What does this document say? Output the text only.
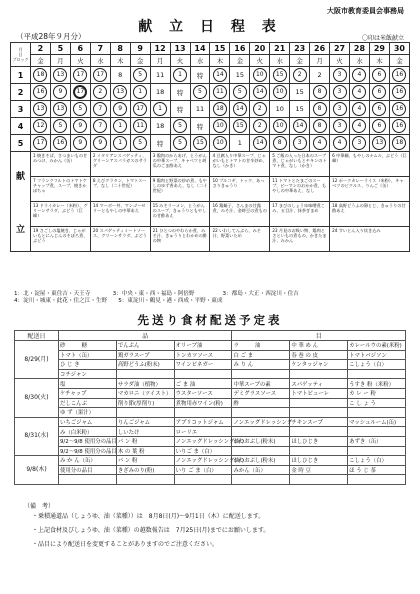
大阪市教育委員会事務局
献 立 日 程 表
（平成28年９月分）	〇印は米飯献立
月
日
ブロック	2	5	6	7	8	9	12	13	14	15	16	20	21	23	26	27	28	29	30
	金	月	火	水	木	金	月	火	水	木	金	火	水	金	月	火	水	木	金
1	18	13	17	17	8	5	11	1	特	14	15	10	15	2	2	3	4	6	16
2	16	9	17	2	13	1	18	特	5	11	5	14	10	15	8	3	4	6	16
3	13	13	5	7	9	17	1	特	11	18	14	2	10	15	8	3	4	6	16
4	12	5	9	7	1	11	18	5	特	10	15	2	10	14	8	3	4	6	16
5	17	16	9	9	1	5	特	5	15	10	1	14	8	3	4	4	3	13	18

献
立	1 焼きそば、さつまいもの甘みつけ、みかん（缶）			2 イタリアンスパゲッティ、グリーンアスパラガスのサラダ			3 鶏肉のからあげ、とうがんの中華スープ、キャベツと胡瓜のごま酢あえ			4 豆腐入り中華スープ、じゃがいもとトマトの甘辛炒め、なし（かき）			5 ご飯の入った日本のスープ煮、じゃがいもとチキンのトマト煮、なし（かき）			6 中華麺、もやしのナムル、ぶどう（巨峰）			
	7 フランクフルトのトマトケチャップ煮、スープ、焼きかぼちゃ			8 えびグラタン、トマトスープ、なし（二十世紀）			9 鶏肉と野菜の炒め煮、もやしのゆず香あえ、なし（二十世紀）			10 プルコギ、トック、あっさりきゅうり			11 トマトとたまごのスープ、ピーマンのおかか煮、もやしの中華あえ、なし			12 ポークカレーライス（米粉）、キャベツのピクルス、りんご（缶）			
	13 ドライカレー（米粉）、グリーンサラダ、ぶどう（巨峰）			14 マーボー丼、マンゴーゼリーともやしの中華あえ			15 みそラーメン、とうがんのスープ、きゅうりともやしの甘酢あえ			16 鶏麺子、さんまの甘露煮、みそ汁、金時豆の煮もの			17 まびのしょうゆ味噌煮こみ、五目汁、抹茶ぎまめ			18 高野どうふの卵とじ、きゅうりの甘酢あえ			
	19 さごしの塩焼き、じゃがいもとにんじんのそぼろ煮、ぶどう			20 スパゲッティミートソース、グリーンサラダ、ぶどう			21 ひとつのやわらか煮、みそ汁、きゅうりとわかめの酢の物			22 いわしてんぷら、みそ汁、野菜いため			23 月見のお吸い物、鶏肉とさといもの煮もの、かきたま汁、みかん			24 すいとん入り炊き込み			
1：北・淀屋・東住吉・天王寺　　　　3：中央・東・西・福島・阿倍野　　　　　3：都島・大正・西淀川・住吉
4：淀川・城東・此花・住之江・生野　　5：東淀川・鶴見・港・西成・平野・東成
先送り食材配送予定表
配送日	品			目		
8/29(月)	砂　　　糖	でんぷん	オリーブ油	ラ　　　油	中 華 め ん	カレールウの素(米粉)
	トマト（缶）	鶏ガラスープ	トンカツソース	白 ご ま	春 巻 の 皮	トマトバジソン
	ひ じ き	高野どうふ(粉末)	ワインビネガー	み り ん	ケンタッジャン	こしょう（白）
	コチジャン					
8/30(火)	塩	サラダ油（植物）	ご ま 油	中華スープの素	スパゲッティ	うすき 粉（米粉）
	ケチャップ	マカロニ（ツイスト）	ウスターソース	デミグラスソース	トマトピューレ	カ レ ー 粉
	だしこんぶ	削り節(厚削り)	煮物用赤ワイン(粉)	酢		こ し ょ う
	ゆ ず（果汁）					
8/31(水)	いちごジャム	りんごジャム	アプリコットジャム	ノンエッグドレッシング	チキンスープ	マッシュルーム(缶)
	み（白米粉）	しいたけ	ローリエ			
	9/2〜9/8 使用分の品目	パ ン 粉	ノンエッグドレッシング(緑)	かつおぶし(粉末)	ほしひじき	あずき（缶）
	9/2〜9/8 使用分の品目	木 の 葉 粉	いりご ま（白）			
9/8(木)	み か ん（缶）	パ ン 粉	ノンエッグドレッシング(緑)	かつおぶし(粉末)	ほしひじき	こしょう（白）
	使用分の品目	きざみのり(粉)	いり ご ま（白）	みかん（缶）	金 時 豆	ほ う じ 茶

（備　考）
・乗積通道品（しょうゆ、油（菜種））は　8月8日(月)～9月1日（木）に配送します。
・上記食材及びしょうゆ、油（菜種）の越数報告は　7月25日(月)までにお願いします。
・品目により配送日を変更することがありますのでご注意ください。
